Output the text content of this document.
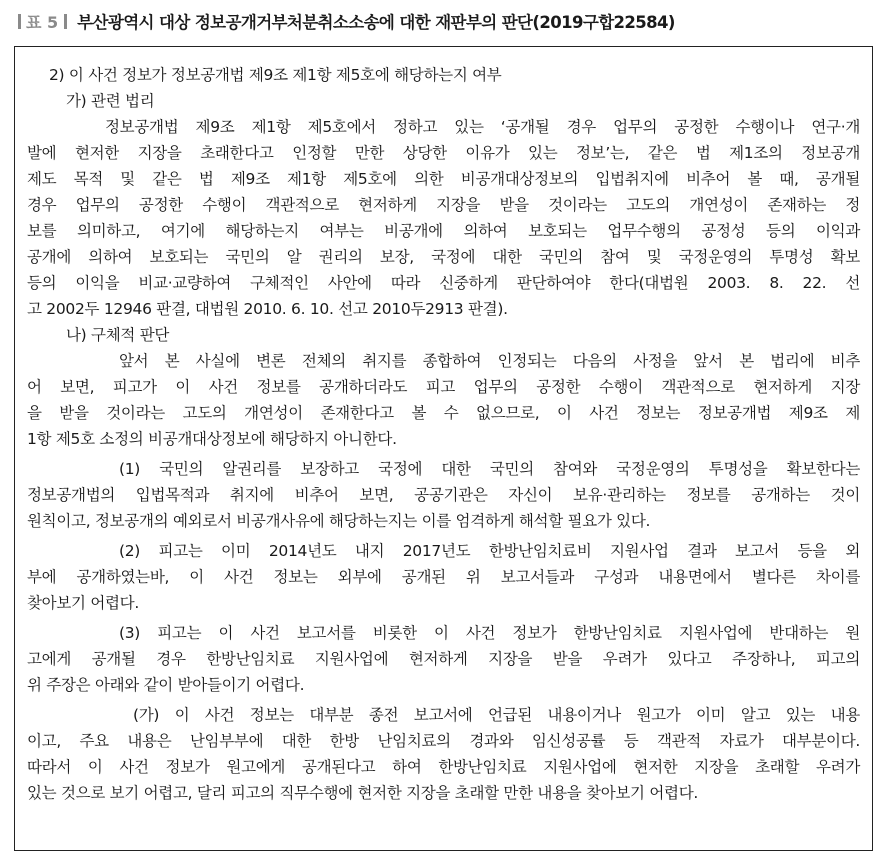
표 5 부산광역시 대상 정보공개거부처분취소소송에 대한 재판부의 판단(2019구합22584)

2) 이 사건 정보가 정보공개법 제9조 제1항 제5호에 해당하는지 여부

가) 관련 법리

정보공개법 제9조 제1항 제5호에서 정하고 있는 ‘공개될 경우 업무의 공정한 수행이나 연구·개

발에 현저한 지장을 초래한다고 인정할 만한 상당한 이유가 있는 정보’는, 같은 법 제1조의 정보공개

제도 목적 및 같은 법 제9조 제1항 제5호에 의한 비공개대상정보의 입법취지에 비추어 볼 때, 공개될

경우 업무의 공정한 수행이 객관적으로 현저하게 지장을 받을 것이라는 고도의 개연성이 존재하는 정

보를 의미하고, 여기에 해당하는지 여부는 비공개에 의하여 보호되는 업무수행의 공정성 등의 이익과

공개에 의하여 보호되는 국민의 알 권리의 보장, 국정에 대한 국민의 참여 및 국정운영의 투명성 확보

등의 이익을 비교·교량하여 구체적인 사안에 따라 신중하게 판단하여야 한다(대법원 2003. 8. 22. 선

고 2002두 12946 판결, 대법원 2010. 6. 10. 선고 2010두2913 판결).

나) 구체적 판단

앞서 본 사실에 변론 전체의 취지를 종합하여 인정되는 다음의 사정을 앞서 본 법리에 비추

어 보면, 피고가 이 사건 정보를 공개하더라도 피고 업무의 공정한 수행이 객관적으로 현저하게 지장

을 받을 것이라는 고도의 개연성이 존재한다고 볼 수 없으므로, 이 사건 정보는 정보공개법 제9조 제

1항 제5호 소정의 비공개대상정보에 해당하지 아니한다.

(1) 국민의 알권리를 보장하고 국정에 대한 국민의 참여와 국정운영의 투명성을 확보한다는

정보공개법의 입법목적과 취지에 비추어 보면, 공공기관은 자신이 보유·관리하는 정보를 공개하는 것이

원칙이고, 정보공개의 예외로서 비공개사유에 해당하는지는 이를 엄격하게 해석할 필요가 있다.

(2) 피고는 이미 2014년도 내지 2017년도 한방난임치료비 지원사업 결과 보고서 등을 외

부에 공개하였는바, 이 사건 정보는 외부에 공개된 위 보고서들과 구성과 내용면에서 별다른 차이를

찾아보기 어렵다.

(3) 피고는 이 사건 보고서를 비롯한 이 사건 정보가 한방난임치료 지원사업에 반대하는 원

고에게 공개될 경우 한방난임치료 지원사업에 현저하게 지장을 받을 우려가 있다고 주장하나, 피고의

위 주장은 아래와 같이 받아들이기 어렵다.

(가) 이 사건 정보는 대부분 종전 보고서에 언급된 내용이거나 원고가 이미 알고 있는 내용

이고, 주요 내용은 난임부부에 대한 한방 난임치료의 경과와 임신성공률 등 객관적 자료가 대부분이다.

따라서 이 사건 정보가 원고에게 공개된다고 하여 한방난임치료 지원사업에 현저한 지장을 초래할 우려가

있는 것으로 보기 어렵고, 달리 피고의 직무수행에 현저한 지장을 초래할 만한 내용을 찾아보기 어렵다.
